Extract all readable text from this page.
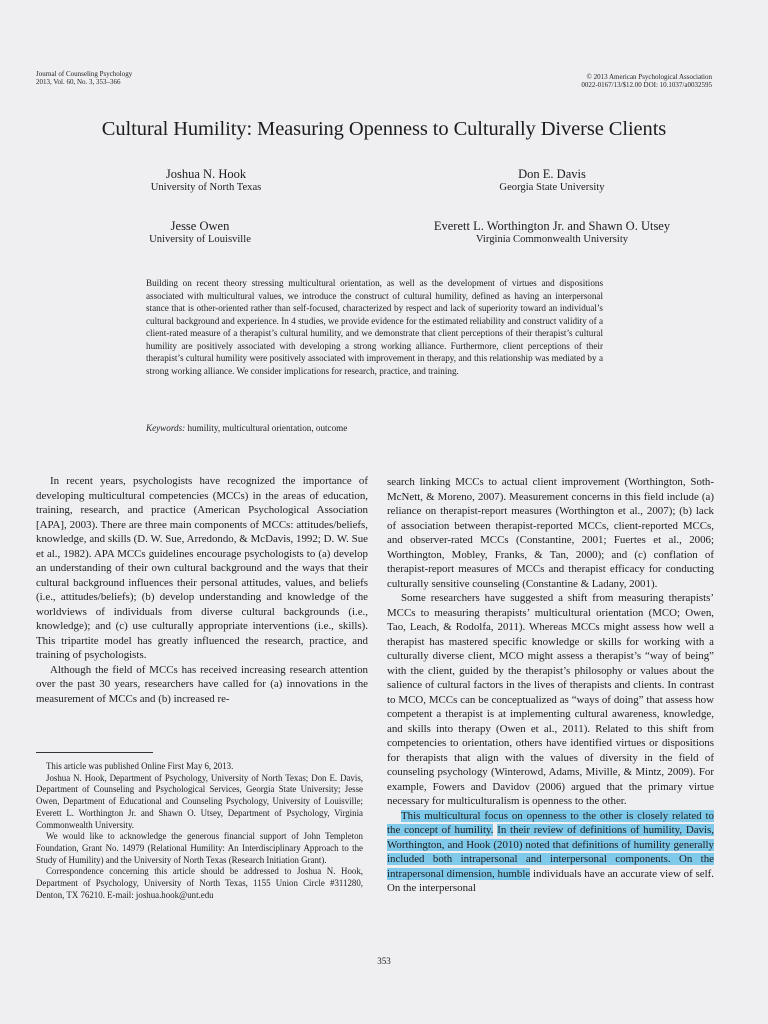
Journal of Counseling Psychology
2013, Vol. 60, No. 3, 353–366
© 2013 American Psychological Association
0022-0167/13/$12.00 DOI: 10.1037/a0032595
Cultural Humility: Measuring Openness to Culturally Diverse Clients
Joshua N. Hook
University of North Texas
Don E. Davis
Georgia State University
Jesse Owen
University of Louisville
Everett L. Worthington Jr. and Shawn O. Utsey
Virginia Commonwealth University
Building on recent theory stressing multicultural orientation, as well as the development of virtues and dispositions associated with multicultural values, we introduce the construct of cultural humility, defined as having an interpersonal stance that is other-oriented rather than self-focused, characterized by respect and lack of superiority toward an individual’s cultural background and experience. In 4 studies, we provide evidence for the estimated reliability and construct validity of a client-rated measure of a therapist’s cultural humility, and we demonstrate that client perceptions of their therapist’s cultural humility are positively associated with developing a strong working alliance. Furthermore, client perceptions of their therapist’s cultural humility were positively associated with improvement in therapy, and this relationship was mediated by a strong working alliance. We consider implications for research, practice, and training.
Keywords: humility, multicultural orientation, outcome

In recent years, psychologists have recognized the importance of developing multicultural competencies (MCCs) in the areas of education, training, research, and practice (American Psychological Association [APA], 2003). There are three main components of MCCs: attitudes/beliefs, knowledge, and skills (D. W. Sue, Arredondo, & McDavis, 1992; D. W. Sue et al., 1982). APA MCCs guidelines encourage psychologists to (a) develop an understanding of their own cultural background and the ways that their cultural background influences their personal attitudes, values, and beliefs (i.e., attitudes/beliefs); (b) develop understanding and knowledge of the worldviews of individuals from diverse cultural backgrounds (i.e., knowledge); and (c) use culturally appropriate interventions (i.e., skills). This tripartite model has greatly influenced the research, practice, and training of psychologists.

Although the field of MCCs has received increasing research attention over the past 30 years, researchers have called for (a) innovations in the measurement of MCCs and (b) increased re-

This article was published Online First May 6, 2013.

Joshua N. Hook, Department of Psychology, University of North Texas; Don E. Davis, Department of Counseling and Psychological Services, Georgia State University; Jesse Owen, Department of Educational and Counseling Psychology, University of Louisville; Everett L. Worthington Jr. and Shawn O. Utsey, Department of Psychology, Virginia Commonwealth University.

We would like to acknowledge the generous financial support of John Templeton Foundation, Grant No. 14979 (Relational Humility: An Interdisciplinary Approach to the Study of Humility) and the University of North Texas (Research Initiation Grant).

Correspondence concerning this article should be addressed to Joshua N. Hook, Department of Psychology, University of North Texas, 1155 Union Circle #311280, Denton, TX 76210. E-mail: joshua.hook@unt.edu

search linking MCCs to actual client improvement (Worthington, Soth-McNett, & Moreno, 2007). Measurement concerns in this field include (a) reliance on therapist-report measures (Worthington et al., 2007); (b) lack of association between therapist-reported MCCs, client-reported MCCs, and observer-rated MCCs (Constantine, 2001; Fuertes et al., 2006; Worthington, Mobley, Franks, & Tan, 2000); and (c) conflation of therapist-report measures of MCCs and therapist efficacy for conducting culturally sensitive counseling (Constantine & Ladany, 2001).

Some researchers have suggested a shift from measuring therapists’ MCCs to measuring therapists’ multicultural orientation (MCO; Owen, Tao, Leach, & Rodolfa, 2011). Whereas MCCs might assess how well a therapist has mastered specific knowledge or skills for working with a culturally diverse client, MCO might assess a therapist’s “way of being” with the client, guided by the therapist’s philosophy or values about the salience of cultural factors in the lives of therapists and clients. In contrast to MCO, MCCs can be conceptualized as “ways of doing” that assess how competent a therapist is at implementing cultural awareness, knowledge, and skills into therapy (Owen et al., 2011). Related to this shift from competencies to orientation, others have identified virtues or dispositions for therapists that align with the values of diversity in the field of counseling psychology (Winterowd, Adams, Miville, & Mintz, 2009). For example, Fowers and Davidov (2006) argued that the primary virtue necessary for multiculturalism is openness to the other.

This multicultural focus on openness to the other is closely related to the concept of humility. In their review of definitions of humility, Davis, Worthington, and Hook (2010) noted that definitions of humility generally included both intrapersonal and interpersonal components. On the intrapersonal dimension, humble individuals have an accurate view of self. On the interpersonal

353
